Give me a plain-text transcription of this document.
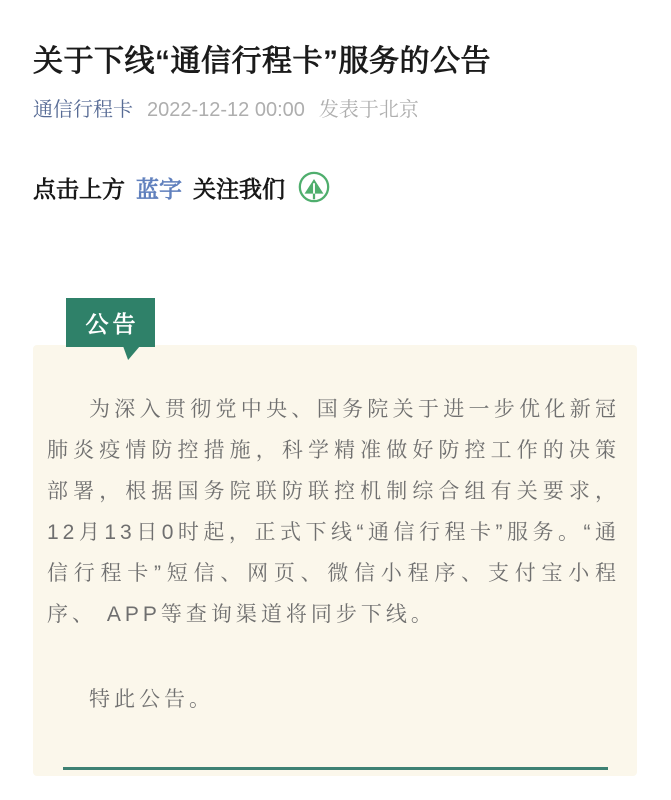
关于下线“通信行程卡”服务的公告
通信行程卡 2022-12-12 00:00 发表于北京
点击上方 蓝字 关注我们
公告

为深入贯彻党中央、国务院关于进一步优化新冠肺炎疫情防控措施，科学精准做好防控工作的决策部署，根据国务院联防联控机制综合组有关要求，12月13日0时起，正式下线“通信行程卡”服务。“通信行程卡”短信、网页、微信小程序、支付宝小程序、 APP等查询渠道将同步下线。

特此公告。
